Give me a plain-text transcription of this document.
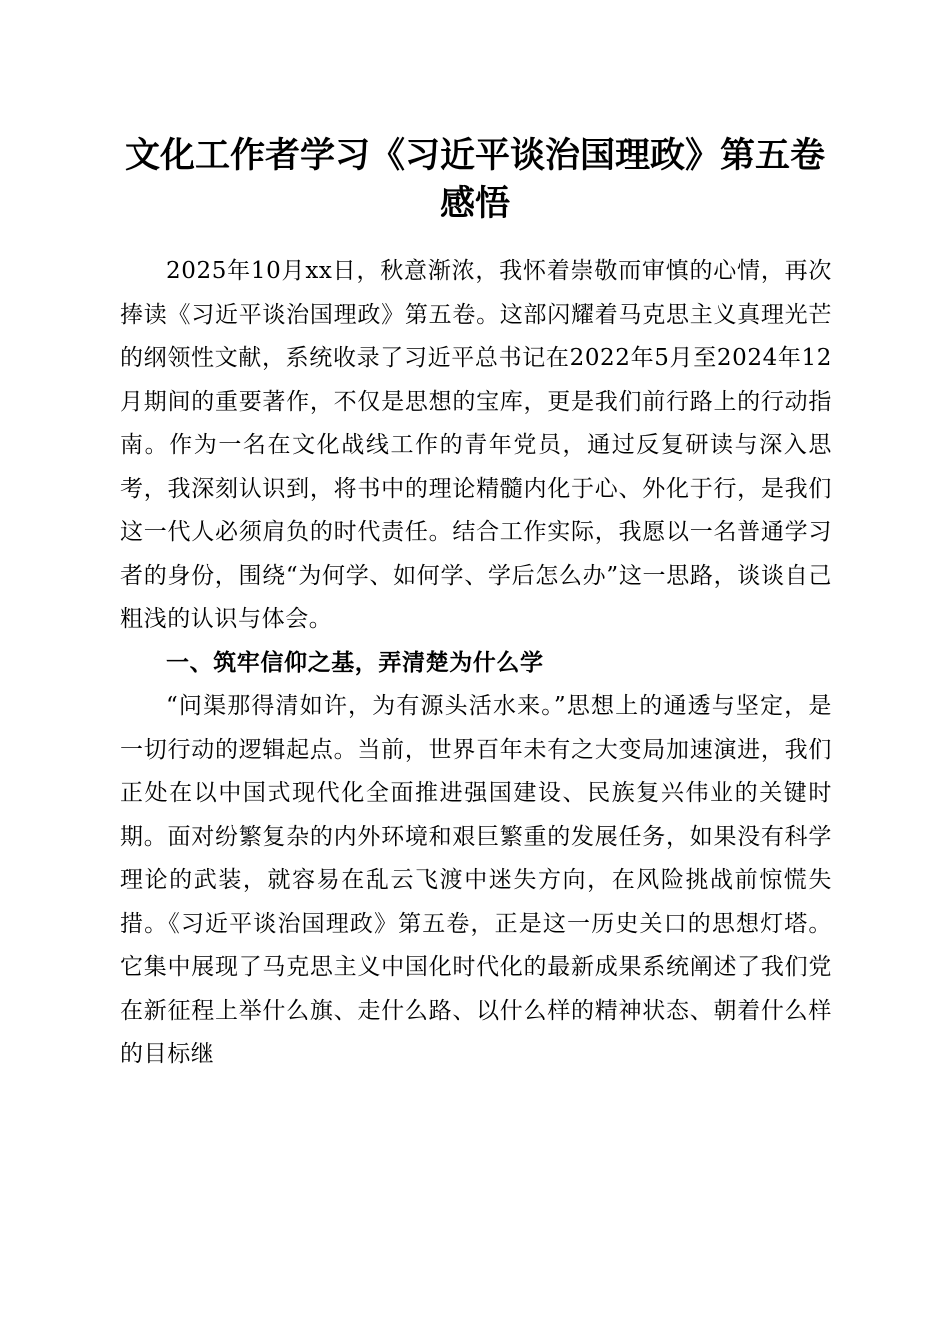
文化工作者学习《习近平谈治国理政》第五卷
感悟

2025年10月xx日，秋意渐浓，我怀着崇敬而审慎的心情，再次捧读《习近平谈治国理政》第五卷。这部闪耀着马克思主义真理光芒的纲领性文献，系统收录了习近平总书记在2022年5月至2024年12月期间的重要著作，不仅是思想的宝库，更是我们前行路上的行动指南。作为一名在文化战线工作的青年党员，通过反复研读与深入思考，我深刻认识到，将书中的理论精髓内化于心、外化于行，是我们这一代人必须肩负的时代责任。结合工作实际，我愿以一名普通学习者的身份，围绕“为何学、如何学、学后怎么办”这一思路，谈谈自己粗浅的认识与体会。

一、筑牢信仰之基，弄清楚为什么学

“问渠那得清如许，为有源头活水来。”思想上的通透与坚定，是一切行动的逻辑起点。当前，世界百年未有之大变局加速演进，我们正处在以中国式现代化全面推进强国建设、民族复兴伟业的关键时期。面对纷繁复杂的内外环境和艰巨繁重的发展任务，如果没有科学理论的武装，就容易在乱云飞渡中迷失方向，在风险挑战前惊慌失措。《习近平谈治国理政》第五卷，正是这一历史关口的思想灯塔。它集中展现了马克思主义中国化时代化的最新成果系统阐述了我们党在新征程上举什么旗、走什么路、以什么样的精神状态、朝着什么样的目标继
